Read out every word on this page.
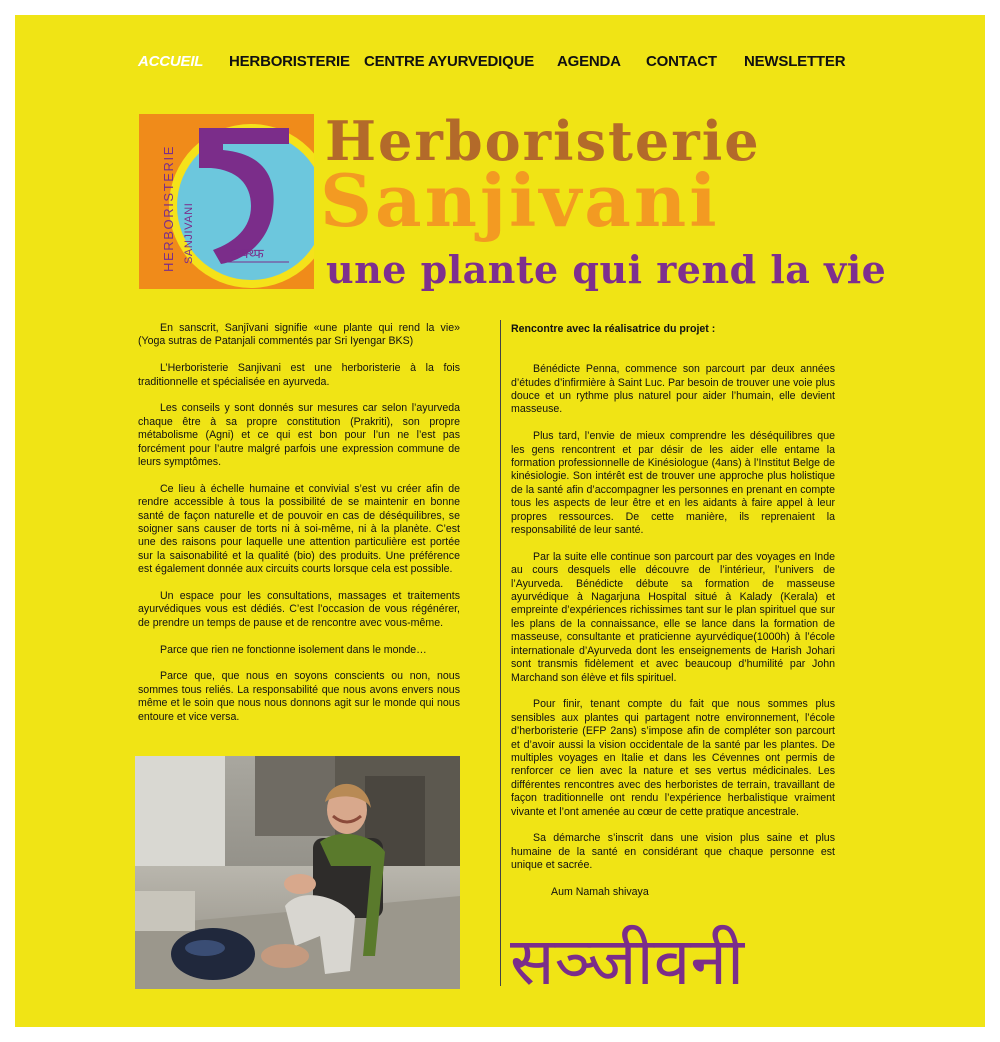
ACCUEIL HERBORISTERIE CENTRE AYURVEDIQUE AGENDA CONTACT NEWSLETTER
HERBORISTERIE SANJIVANI	ब्थ्फ्थ्फ
Herboristerie
Sanjivani
une plante qui rend la vie

En sanscrit, Sanjîvani signifie «une plante qui rend la vie» (Yoga sutras de Patanjali commentés par Sri Iyengar BKS)

L’Herboristerie Sanjivani est une herboristerie à la fois traditionnelle et spécialisée en ayurveda.

Les conseils y sont donnés sur mesures car selon l’ayurveda chaque être à sa propre constitution (Prakriti), son propre métabolisme (Agni) et ce qui est bon pour l’un ne l’est pas forcément pour l’autre malgré parfois une expression commune de leurs symptômes.

Ce lieu à échelle humaine et convivial s’est vu créer afin de rendre accessible à tous la possibilité de se maintenir en bonne santé de façon naturelle et de pouvoir en cas de déséquilibres, se soigner sans causer de torts ni à soi-même, ni à la planète. C’est une des raisons pour laquelle une attention particulière est portée sur la saisonabilité et la qualité (bio) des produits. Une préférence est également donnée aux circuits courts lorsque cela est possible.

Un espace pour les consultations, massages et traitements ayurvédiques vous est dédiés. C’est l’occasion de vous régénérer, de prendre un temps de pause et de rencontre avec vous-même.

Parce que rien ne fonctionne isolement dans le monde…

Parce que, que nous en soyons conscients ou non, nous sommes tous reliés. La responsabilité que nous avons envers nous même et le soin que nous nous donnons agit sur le monde qui nous entoure et vice versa.

Rencontre avec la réalisatrice du projet :

Bénédicte Penna, commence son parcourt par deux années d’études d’infirmière à Saint Luc. Par besoin de trouver une voie plus douce et un rythme plus naturel pour aider l’humain, elle devient masseuse.

Plus tard, l’envie de mieux comprendre les déséquilibres que les gens rencontrent et par désir de les aider elle entame la formation professionnelle de Kinésiologue (4ans) à l’Institut Belge de kinésiologie. Son intérêt est de trouver une approche plus holistique de la santé afin d’accompagner les personnes en prenant en compte tous les aspects de leur être et en les aidants à faire appel à leur propres ressources. De cette manière, ils reprenaient la responsabilité de leur santé.

Par la suite elle continue son parcourt par des voyages en Inde au cours desquels elle découvre de l’intérieur, l’univers de l’Ayurveda. Bénédicte débute sa formation de masseuse ayurvédique à Nagarjuna Hospital situé à Kalady (Kerala) et empreinte d’expériences richissimes tant sur le plan spirituel que sur les plans de la connaissance, elle se lance dans la formation de masseuse, consultante et praticienne ayurvédique(1000h) à l’école internationale d’Ayurveda dont les enseignements de Harish Johari sont transmis fidèlement et avec beaucoup d’humilité par John Marchand son élève et fils spirituel.

Pour finir, tenant compte du fait que nous sommes plus sensibles aux plantes qui partagent notre environnement, l’école d’herboristerie (EFP 2ans) s’impose afin de compléter son parcourt et d’avoir aussi la vision occidentale de la santé par les plantes. De multiples voyages en Italie et dans les Cévennes ont permis de renforcer ce lien avec la nature et ses vertus médicinales. Les différentes rencontres avec des herboristes de terrain, travaillant de façon traditionnelle ont rendu l’expérience herbalistique vraiment vivante et l’ont amenée au cœur de cette pratique ancestrale.

Sa démarche s’inscrit dans une vision plus saine et plus humaine de la santé en considérant que chaque personne est unique et sacrée.

Aum Namah shivaya

सञ्जीवनी
